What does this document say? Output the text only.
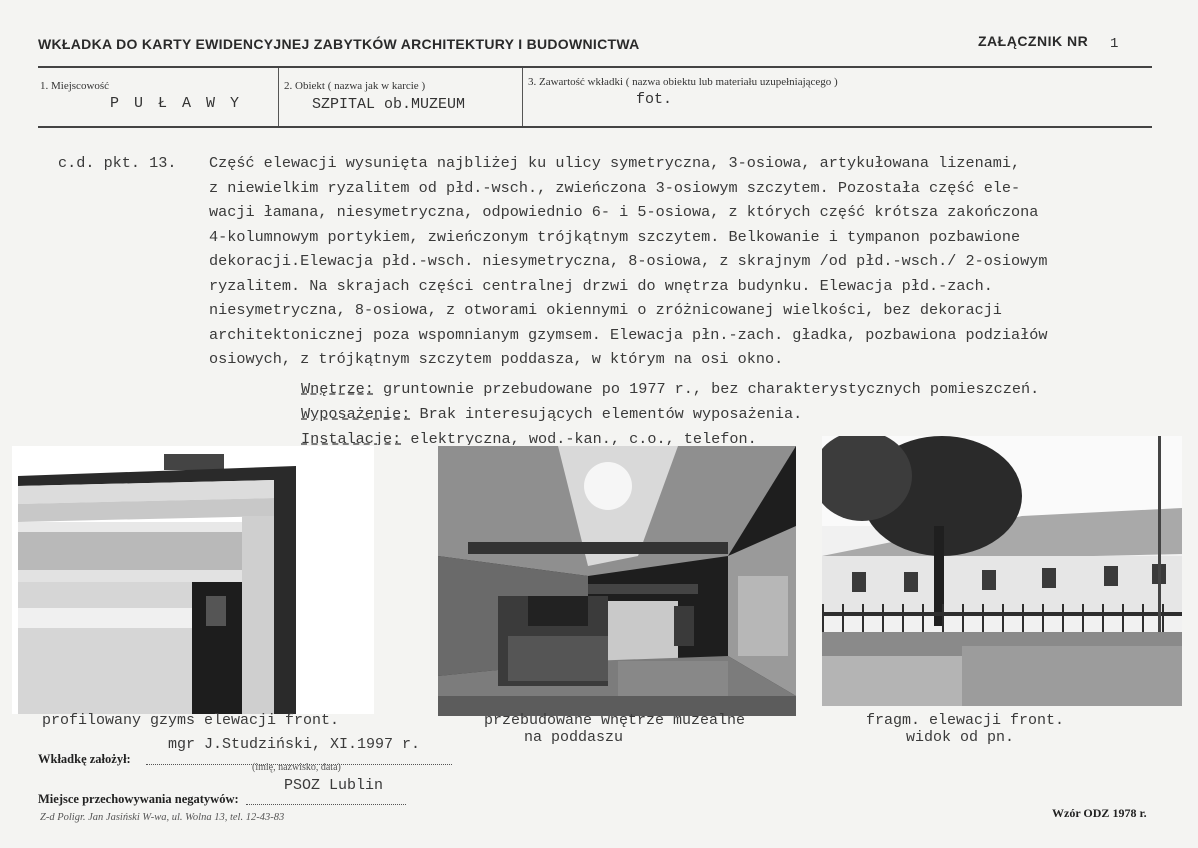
WKŁADKA DO KARTY EWIDENCYJNEJ ZABYTKÓW ARCHITEKTURY I BUDOWNICTWA	ZAŁĄCZNIK NR 1
1. Miejscowość
P U Ł A W Y
2. Obiekt ( nazwa jak w karcie )
SZPITAL ob.MUZEUM
3. Zawartość wkładki ( nazwa obiektu lub materiału uzupełniającego )
fot.
c.d. pkt. 13. Część elewacji wysunięta najbliżej ku ulicy symetryczna, 3-osiowa, artykułowana lizenami,
z niewielkim ryzalitem od płd.-wsch., zwieńczona 3-osiowym szczytem. Pozostała część ele-
wacji łamana, niesymetryczna, odpowiednio 6- i 5-osiowa, z których część krótsza zakończona
4-kolumnowym portykiem, zwieńczonym trójkątnym szczytem. Belkowanie i tympanon pozbawione
dekoracji.Elewacja płd.-wsch. niesymetryczna, 8-osiowa, z skrajnym /od płd.-wsch./ 2-osiowym
ryzalitem. Na skrajach części centralnej drzwi do wnętrza budynku. Elewacja płd.-zach.
niesymetryczna, 8-osiowa, z otworami okiennymi o zróżnicowanej wielkości, bez dekoracji
architektonicznej poza wspomnianym gzymsem. Elewacja płn.-zach. gładka, pozbawiona podziałów
osiowych, z trójkątnym szczytem poddasza, w którym na osi okno.
Wnętrze: gruntownie przebudowane po 1977 r., bez charakterystycznych pomieszczeń.
Wyposażenie: Brak interesujących elementów wyposażenia.
Instalacje: elektryczna, wod.-kan., c.o., telefon.
profilowany gzyms elewacji front.	przebudowane wnętrze muzealne
na poddaszu
fragm. elewacji front.
widok od pn.
mgr J.Studziński, XI.1997 r.
Wkładkę założył:
(imię, nazwisko, data)
PSOZ Lublin
Miejsce przechowywania negatywów:
Z-d Poligr. Jan Jasiński W-wa, ul. Wolna 13, tel. 12-43-83	Wzór ODZ 1978 r.
